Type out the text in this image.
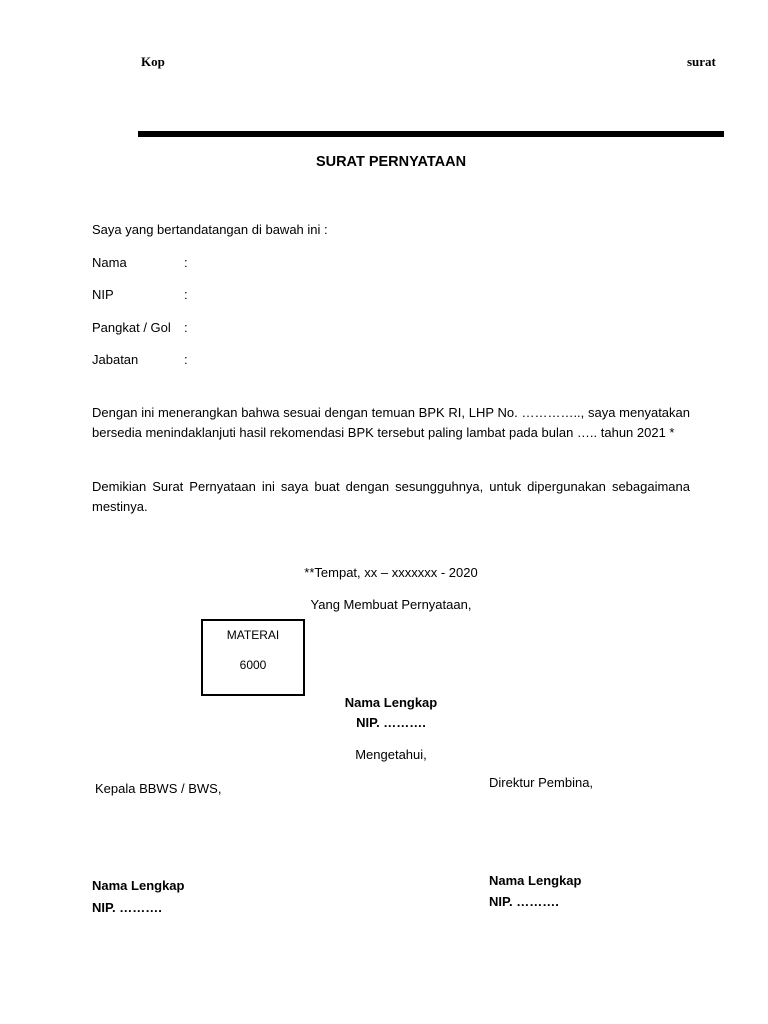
Kop	surat
SURAT PERNYATAAN
Saya yang bertandatangan di bawah ini :
Nama	:
NIP	:
Pangkat / Gol :
Jabatan	:
Dengan ini menerangkan bahwa sesuai dengan temuan BPK RI, LHP No. ………….., saya menyatakan bersedia menindaklanjuti hasil rekomendasi BPK tersebut paling lambat pada bulan ….. tahun 2021 *
Demikian Surat Pernyataan ini saya buat dengan sesungguhnya, untuk dipergunakan sebagaimana mestinya.
**Tempat, xx – xxxxxxx - 2020
Yang Membuat Pernyataan,
MATERAI
6000
Nama Lengkap
NIP. ……….
Mengetahui,
Kepala BBWS / BWS,	Direktur Pembina,
Nama Lengkap
NIP. ……….
Nama Lengkap
NIP. ……….
